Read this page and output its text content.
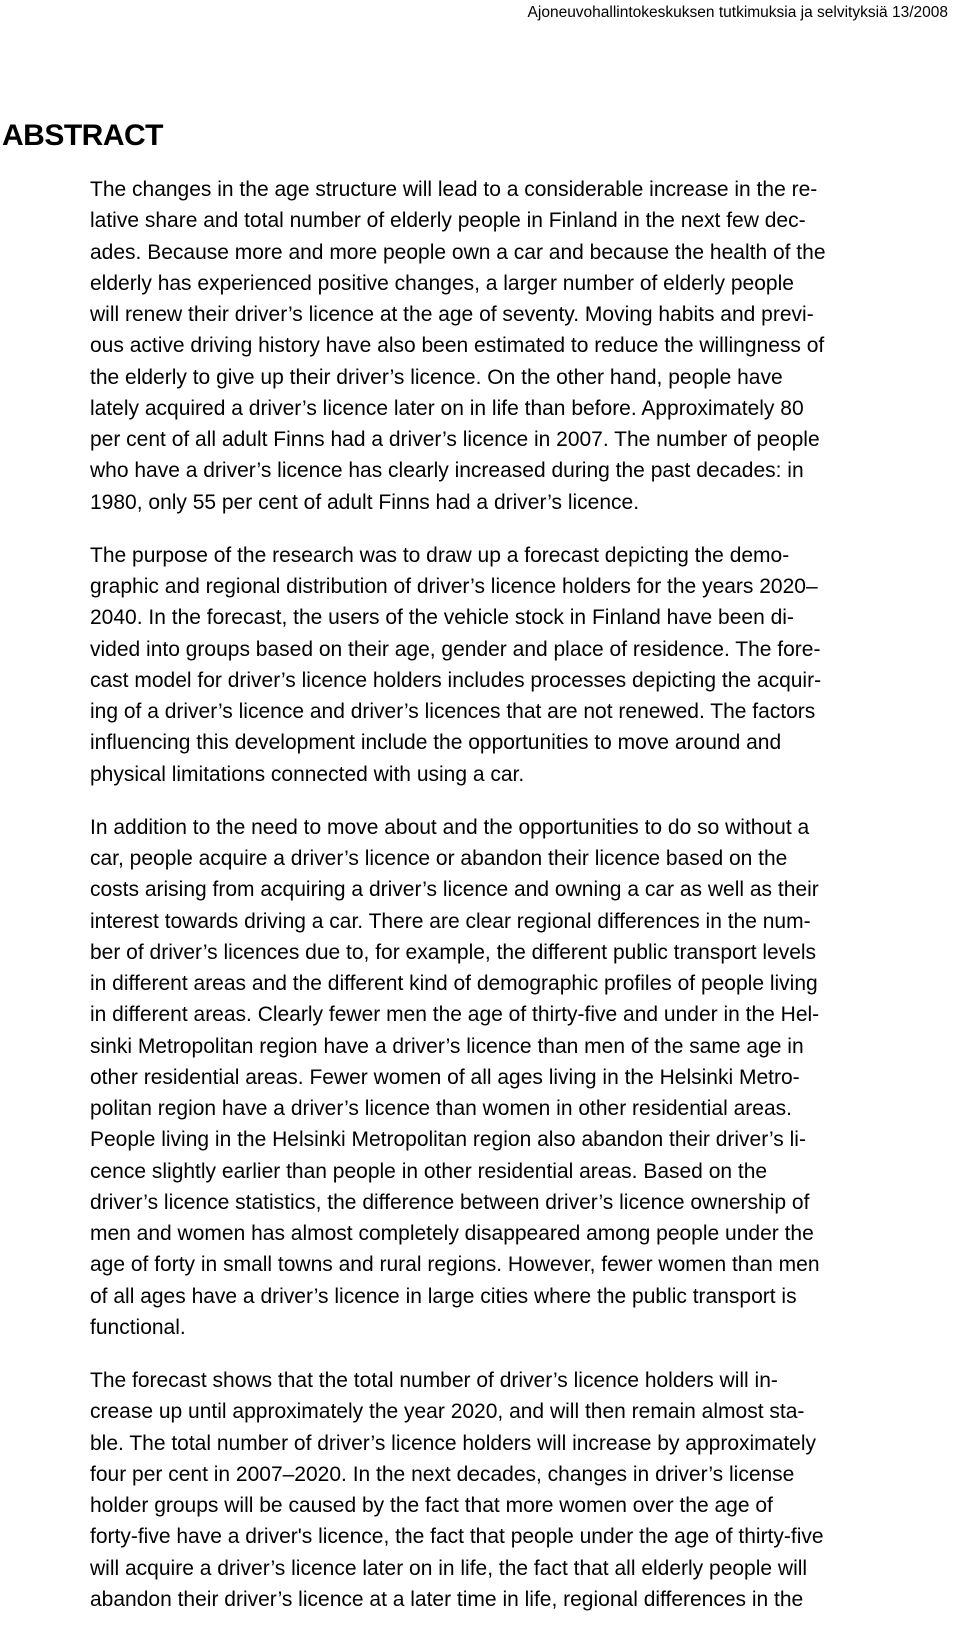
Ajoneuvohallintokeskuksen tutkimuksia ja selvityksiä 13/2008
ABSTRACT

The changes in the age structure will lead to a considerable increase in the re-
lative share and total number of elderly people in Finland in the next few dec-
ades. Because more and more people own a car and because the health of the
elderly has experienced positive changes, a larger number of elderly people
will renew their driver’s licence at the age of seventy. Moving habits and previ-
ous active driving history have also been estimated to reduce the willingness of
the elderly to give up their driver’s licence. On the other hand, people have
lately acquired a driver’s licence later on in life than before. Approximately 80
per cent of all adult Finns had a driver’s licence in 2007. The number of people
who have a driver’s licence has clearly increased during the past decades: in
1980, only 55 per cent of adult Finns had a driver’s licence.

The purpose of the research was to draw up a forecast depicting the demo-
graphic and regional distribution of driver’s licence holders for the years 2020–
2040. In the forecast, the users of the vehicle stock in Finland have been di-
vided into groups based on their age, gender and place of residence. The fore-
cast model for driver’s licence holders includes processes depicting the acquir-
ing of a driver’s licence and driver’s licences that are not renewed. The factors
influencing this development include the opportunities to move around and
physical limitations connected with using a car.

In addition to the need to move about and the opportunities to do so without a
car, people acquire a driver’s licence or abandon their licence based on the
costs arising from acquiring a driver’s licence and owning a car as well as their
interest towards driving a car. There are clear regional differences in the num-
ber of driver’s licences due to, for example, the different public transport levels
in different areas and the different kind of demographic profiles of people living
in different areas. Clearly fewer men the age of thirty-five and under in the Hel-
sinki Metropolitan region have a driver’s licence than men of the same age in
other residential areas. Fewer women of all ages living in the Helsinki Metro-
politan region have a driver’s licence than women in other residential areas.
People living in the Helsinki Metropolitan region also abandon their driver’s li-
cence slightly earlier than people in other residential areas. Based on the
driver’s licence statistics, the difference between driver’s licence ownership of
men and women has almost completely disappeared among people under the
age of forty in small towns and rural regions. However, fewer women than men
of all ages have a driver’s licence in large cities where the public transport is
functional.

The forecast shows that the total number of driver’s licence holders will in-
crease up until approximately the year 2020, and will then remain almost sta-
ble. The total number of driver’s licence holders will increase by approximately
four per cent in 2007–2020. In the next decades, changes in driver’s license
holder groups will be caused by the fact that more women over the age of
forty-five have a driver's licence, the fact that people under the age of thirty-five
will acquire a driver’s licence later on in life, the fact that all elderly people will
abandon their driver’s licence at a later time in life, regional differences in the
